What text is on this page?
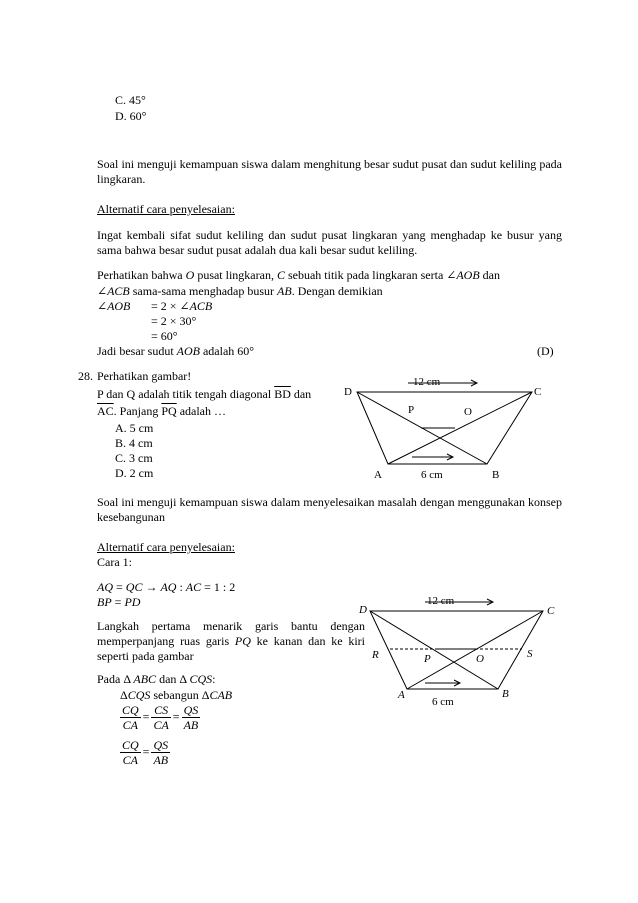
C. 45°
D. 60°
Soal ini menguji kemampuan siswa dalam menghitung besar sudut pusat dan sudut keliling pada lingkaran.
Alternatif cara penyelesaian:
Ingat kembali sifat sudut keliling dan sudut pusat lingkaran yang menghadap ke busur yang sama bahwa besar sudut pusat adalah dua kali besar sudut keliling.
Perhatikan bahwa O pusat lingkaran, C sebuah titik pada lingkaran serta ∠AOB dan
∠ACB sama-sama menghadap busur AB. Dengan demikian
∠AOB = 2 × ∠ACB
= 2 × 30°
= 60°
Jadi besar sudut AOB adalah 60°	(D)
28. Perhatikan gambar!
P dan Q adalah titik tengah diagonal $\overline{BD}$ dan
$\overline{AC}$. Panjang $\overline{PQ}$ adalah …
A. 5 cm
B. 4 cm
C. 3 cm
D. 2 cm
D	C
A	B
P	O
12 cm
6 cm
Soal ini menguji kemampuan siswa dalam menyelesaikan masalah dengan menggunakan konsep kesebangunan
Alternatif cara penyelesaian:
Cara 1:
AQ = QC → AQ : AC = 1 : 2
BP = PD
Langkah pertama menarik garis bantu dengan memperpanjang ruas garis PQ ke kanan dan ke kiri seperti pada gambar
Pada Δ ABC dan Δ CQS:
ΔCQS sebangun ΔCAB
$\frac{CQ}{CA} = \frac{CS}{CA} = \frac{QS}{AB}$
$\frac{CQ}{CA} = \frac{QS}{AB}$
D	C
A	B
R	S
P	O
12 cm
6 cm
